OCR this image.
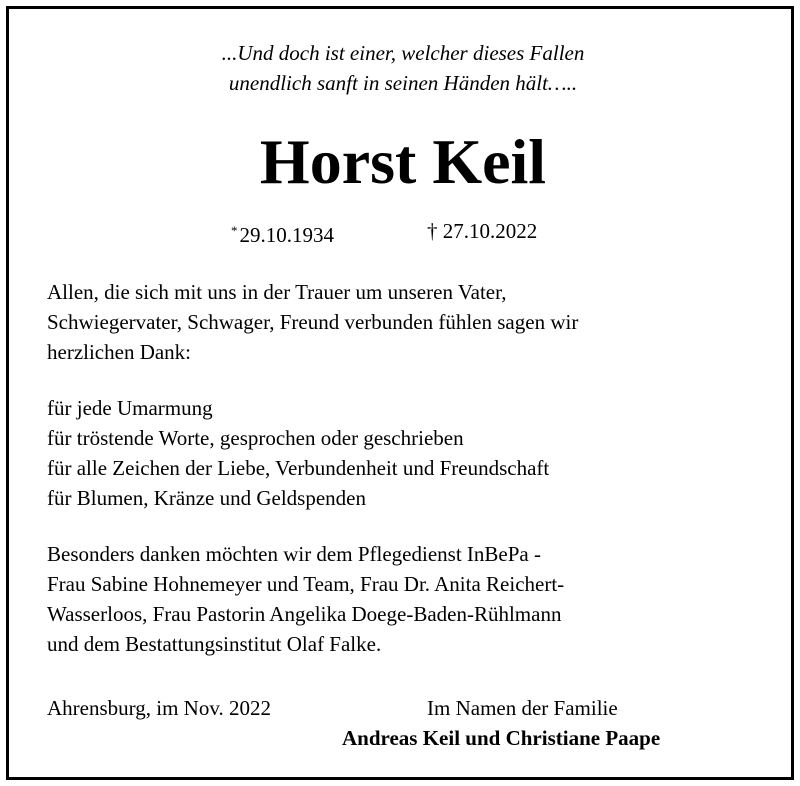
...Und doch ist einer, welcher dieses Fallen
unendlich sanft in seinen Händen hält…..
Horst Keil
*29.10.1934	† 27.10.2022
Allen, die sich mit uns in der Trauer um unseren Vater,
Schwiegervater, Schwager, Freund verbunden fühlen sagen wir
herzlichen Dank:
für jede Umarmung
für tröstende Worte, gesprochen oder geschrieben
für alle Zeichen der Liebe, Verbundenheit und Freundschaft
für Blumen, Kränze und Geldspenden
Besonders danken möchten wir dem Pflegedienst InBePa -
Frau Sabine Hohnemeyer und Team, Frau Dr. Anita Reichert-
Wasserloos, Frau Pastorin Angelika Doege-Baden-Rühlmann
und dem Bestattungsinstitut Olaf Falke.
Ahrensburg, im Nov. 2022	Im Namen der Familie
Andreas Keil und Christiane Paape
